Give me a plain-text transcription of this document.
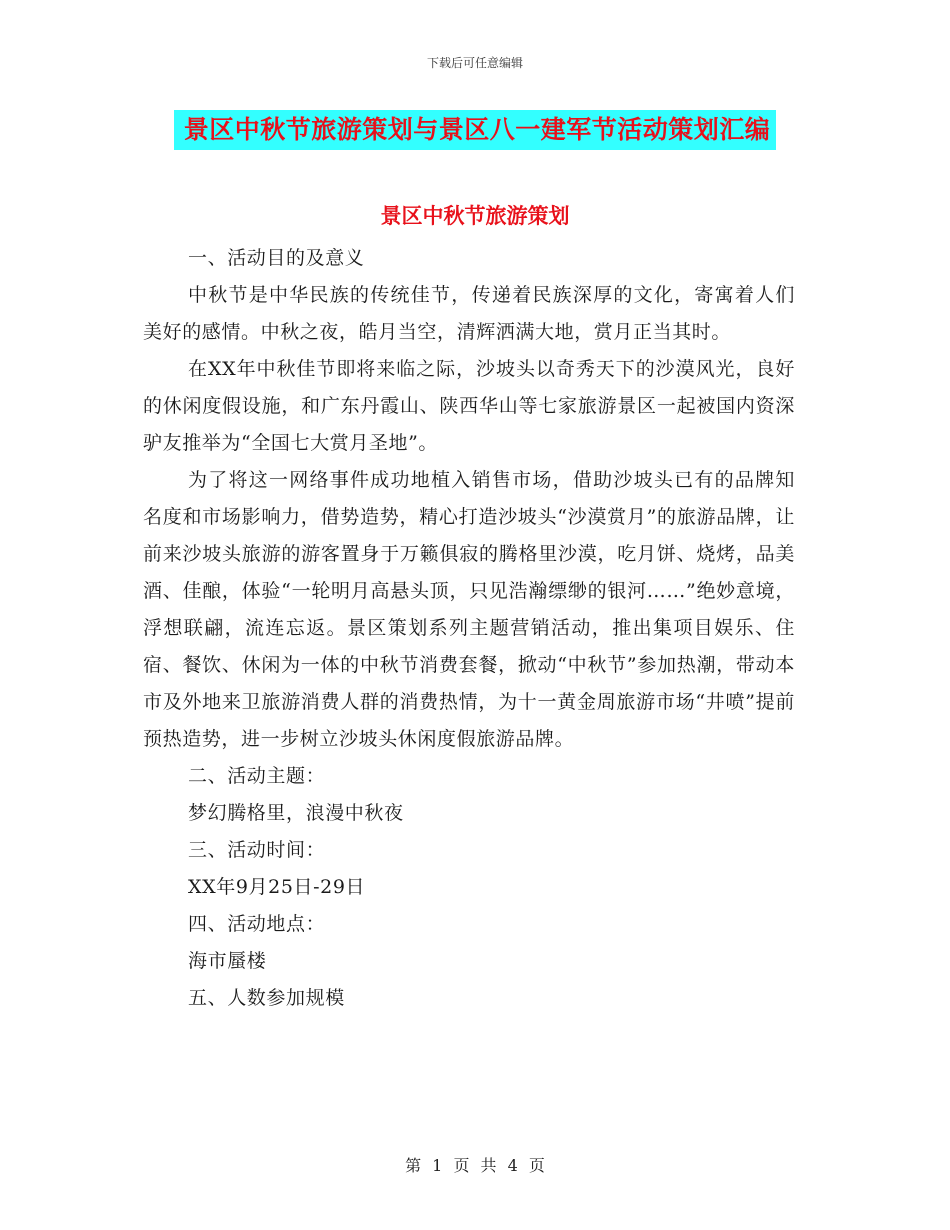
下载后可任意编辑
景区中秋节旅游策划与景区八一建军节活动策划汇编
景区中秋节旅游策划

一、活动目的及意义

中秋节是中华民族的传统佳节，传递着民族深厚的文化，寄寓着人们美好的感情。中秋之夜，皓月当空，清辉洒满大地，赏月正当其时。

在XX年中秋佳节即将来临之际，沙坡头以奇秀天下的沙漠风光，良好的休闲度假设施，和广东丹霞山、陕西华山等七家旅游景区一起被国内资深驴友推举为“全国七大赏月圣地”。

为了将这一网络事件成功地植入销售市场，借助沙坡头已有的品牌知名度和市场影响力，借势造势，精心打造沙坡头“沙漠赏月”的旅游品牌，让前来沙坡头旅游的游客置身于万籁俱寂的腾格里沙漠，吃月饼、烧烤，品美酒、佳酿，体验“一轮明月高悬头顶，只见浩瀚缥缈的银河……”绝妙意境，浮想联翩，流连忘返。景区策划系列主题营销活动，推出集项目娱乐、住宿、餐饮、休闲为一体的中秋节消费套餐，掀动“中秋节”参加热潮，带动本市及外地来卫旅游消费人群的消费热情，为十一黄金周旅游市场“井喷”提前预热造势，进一步树立沙坡头休闲度假旅游品牌。

二、活动主题：

梦幻腾格里，浪漫中秋夜

三、活动时间：

XX年9月25日-29日

四、活动地点：

海市蜃楼

五、人数参加规模

第 1 页 共 4 页
